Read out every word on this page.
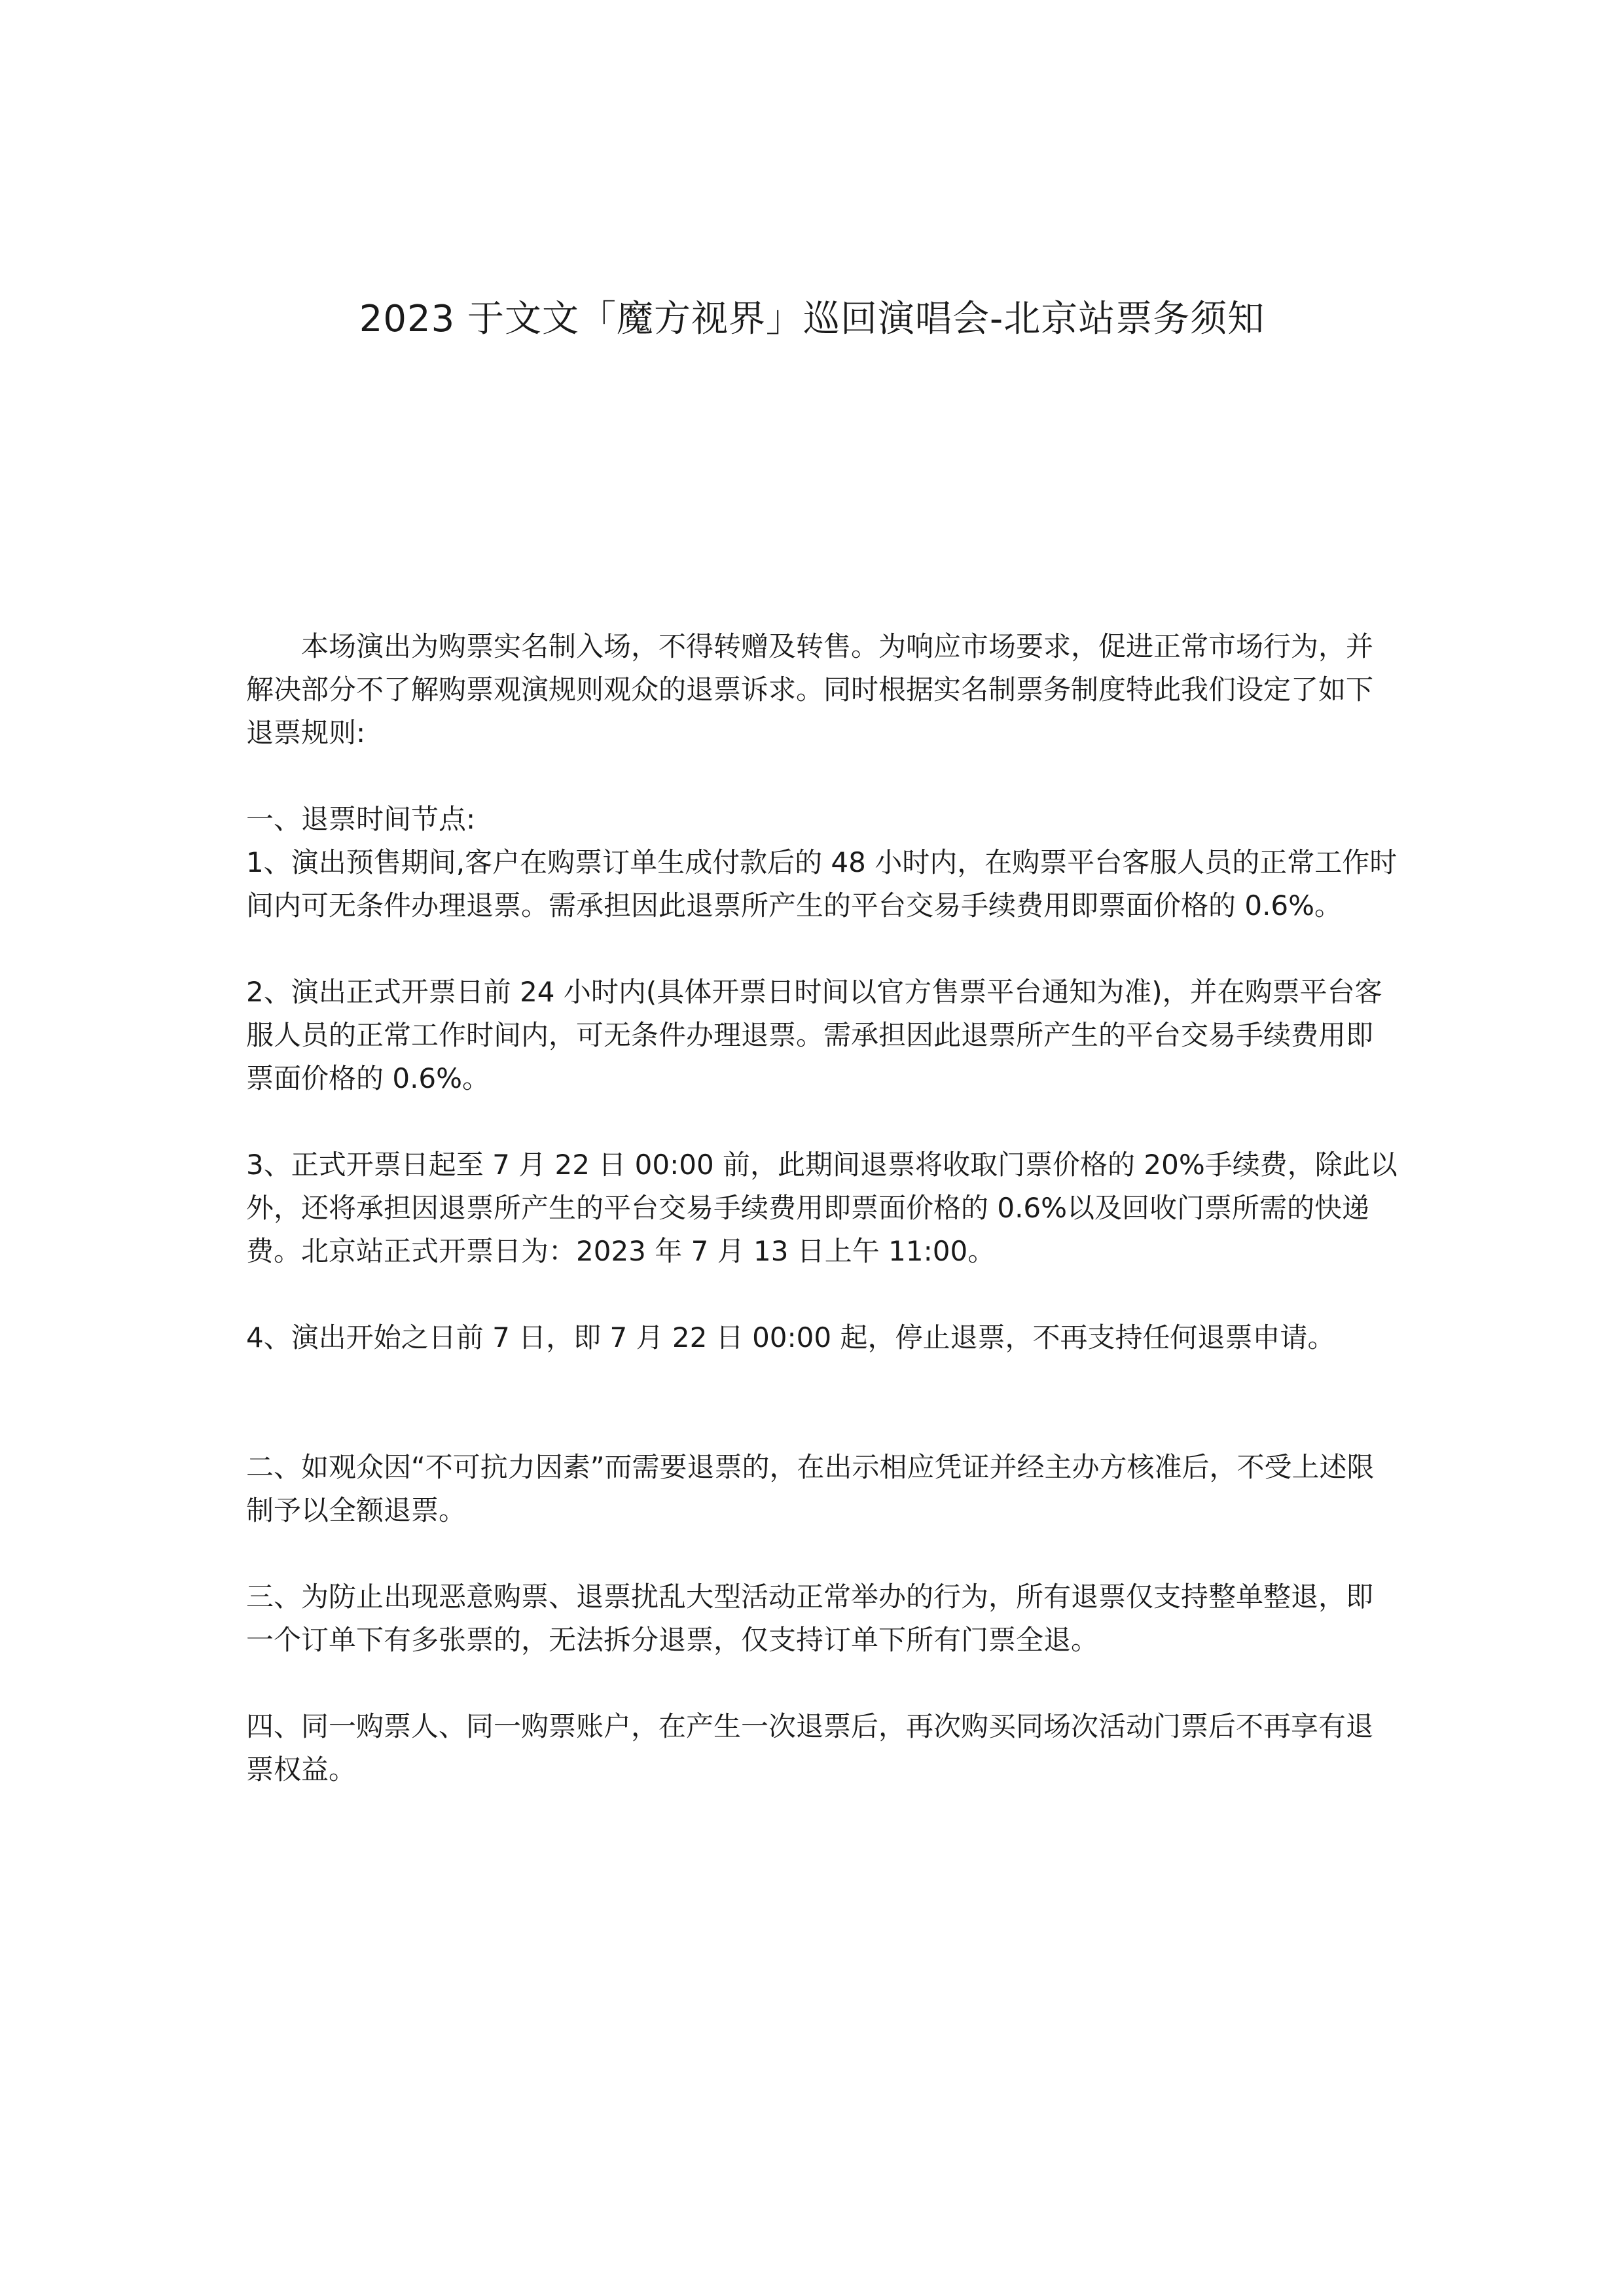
2023 于文文「魔方视界」巡回演唱会-北京站票务须知

本场演出为购票实名制入场，不得转赠及转售。为响应市场要求，促进正常市场行为，并解决部分不了解购票观演规则观众的退票诉求。同时根据实名制票务制度特此我们设定了如下退票规则:

一、退票时间节点:

1、演出预售期间,客户在购票订单生成付款后的 48 小时内，在购票平台客服人员的正常工作时间内可无条件办理退票。需承担因此退票所产生的平台交易手续费用即票面价格的 0.6%。

2、演出正式开票日前 24 小时内(具体开票日时间以官方售票平台通知为准)，并在购票平台客服人员的正常工作时间内，可无条件办理退票。需承担因此退票所产生的平台交易手续费用即票面价格的 0.6%。

3、正式开票日起至 7 月 22 日 00:00 前，此期间退票将收取门票价格的 20%手续费，除此以外，还将承担因退票所产生的平台交易手续费用即票面价格的 0.6%以及回收门票所需的快递费。北京站正式开票日为：2023 年 7 月 13 日上午 11:00。

4、演出开始之日前 7 日，即 7 月 22 日 00:00 起，停止退票，不再支持任何退票申请。

二、如观众因“不可抗力因素”而需要退票的，在出示相应凭证并经主办方核准后，不受上述限制予以全额退票。

三、为防止出现恶意购票、退票扰乱大型活动正常举办的行为，所有退票仅支持整单整退，即一个订单下有多张票的，无法拆分退票，仅支持订单下所有门票全退。

四、同一购票人、同一购票账户，在产生一次退票后，再次购买同场次活动门票后不再享有退票权益。
